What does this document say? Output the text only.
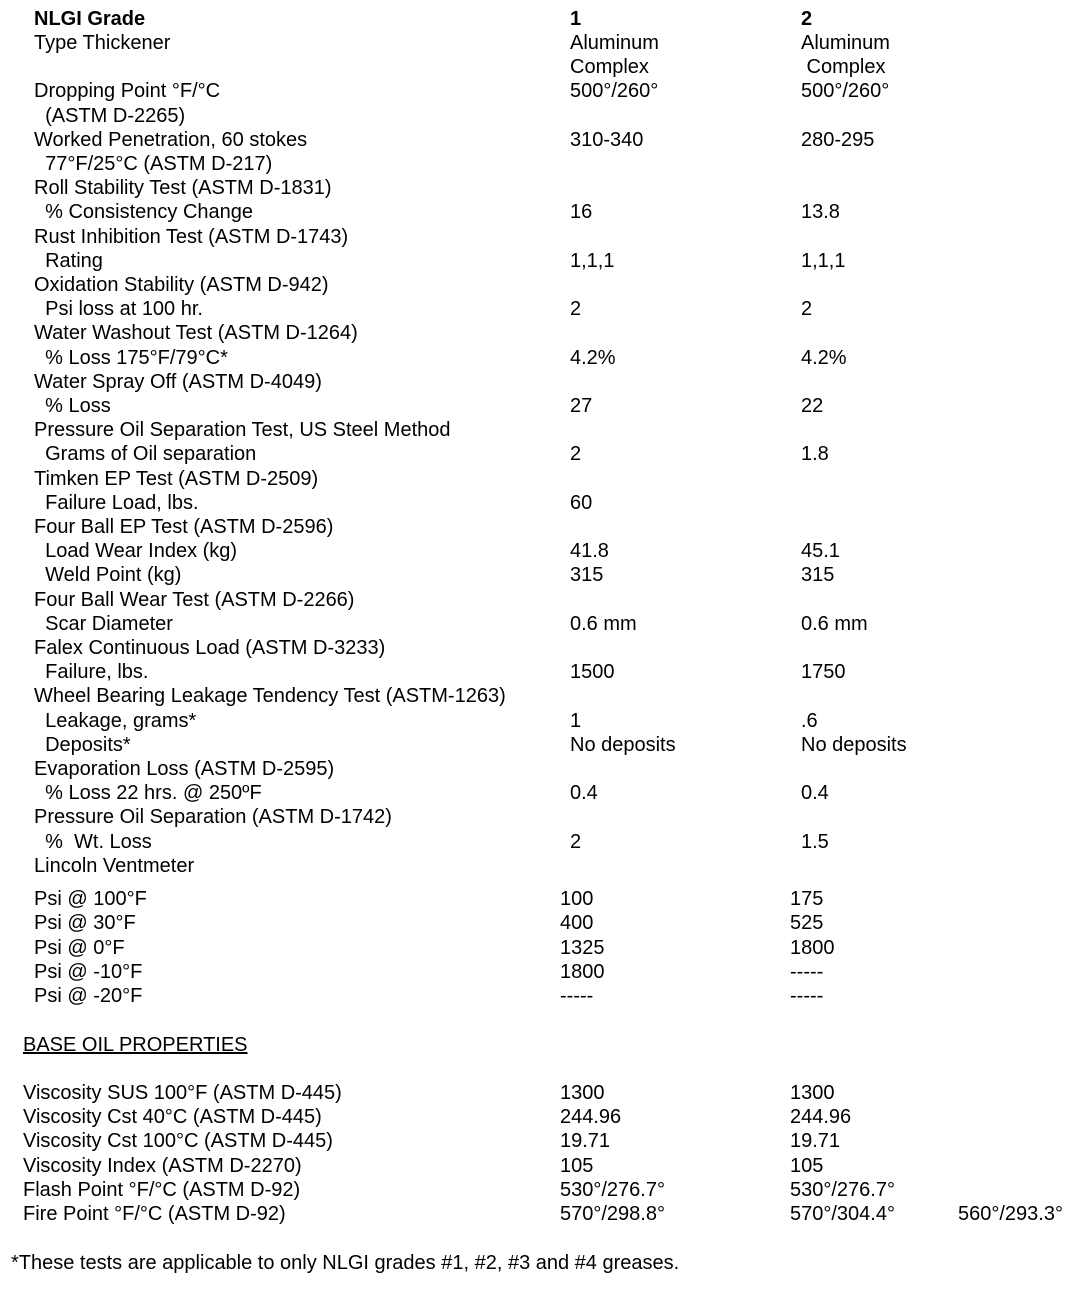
NLGI Grade	1	2
BASE OIL PROPERTIES
*These tests are applicable to only NLGI grades #1, #2, #3 and #4 greases.
Type Thickener	Aluminum	Aluminum
Complex	Complex
Dropping Point °F/°C	500°/260°	500°/260°
(ASTM D-2265)
Worked Penetration, 60 stokes	310-340	280-295
77°F/25°C (ASTM D-217)
Roll Stability Test (ASTM D-1831)
% Consistency Change	16	13.8
Rust Inhibition Test (ASTM D-1743)
Rating	1,1,1	1,1,1
Oxidation Stability (ASTM D-942)
Psi loss at 100 hr.	2	2
Water Washout Test (ASTM D-1264)
% Loss 175°F/79°C*	4.2%	4.2%
Water Spray Off (ASTM D-4049)
% Loss	27	22
Pressure Oil Separation Test, US Steel Method
Grams of Oil separation	2	1.8
Timken EP Test (ASTM D-2509)
Failure Load, lbs.	60
Four Ball EP Test (ASTM D-2596)
Load Wear Index (kg)	41.8	45.1
Weld Point (kg)	315	315
Four Ball Wear Test (ASTM D-2266)
Scar Diameter	0.6 mm	0.6 mm
Falex Continuous Load (ASTM D-3233)
Failure, lbs.	1500	1750
Wheel Bearing Leakage Tendency Test (ASTM-1263)
Leakage, grams*	1	.6
Deposits*	No deposits	No deposits
Evaporation Loss (ASTM D-2595)
% Loss 22 hrs. @ 250ºF	0.4	0.4
Pressure Oil Separation (ASTM D-1742)
%  Wt. Loss	2	1.5
Lincoln Ventmeter
Psi @ 100°F	100	175
Psi @ 30°F	400	525
Psi @ 0°F	1325	1800
Psi @ -10°F	1800	-----
Psi @ -20°F	-----	-----
Viscosity SUS 100°F (ASTM D-445)	1300	1300
Viscosity Cst 40°C (ASTM D-445)	244.96	244.96
Viscosity Cst 100°C (ASTM D-445)	19.71	19.71
Viscosity Index (ASTM D-2270)	105	105
Flash Point °F/°C (ASTM D-92)	530°/276.7°	530°/276.7°
Fire Point °F/°C (ASTM D-92)	570°/298.8°	570°/304.4°	560°/293.3°
